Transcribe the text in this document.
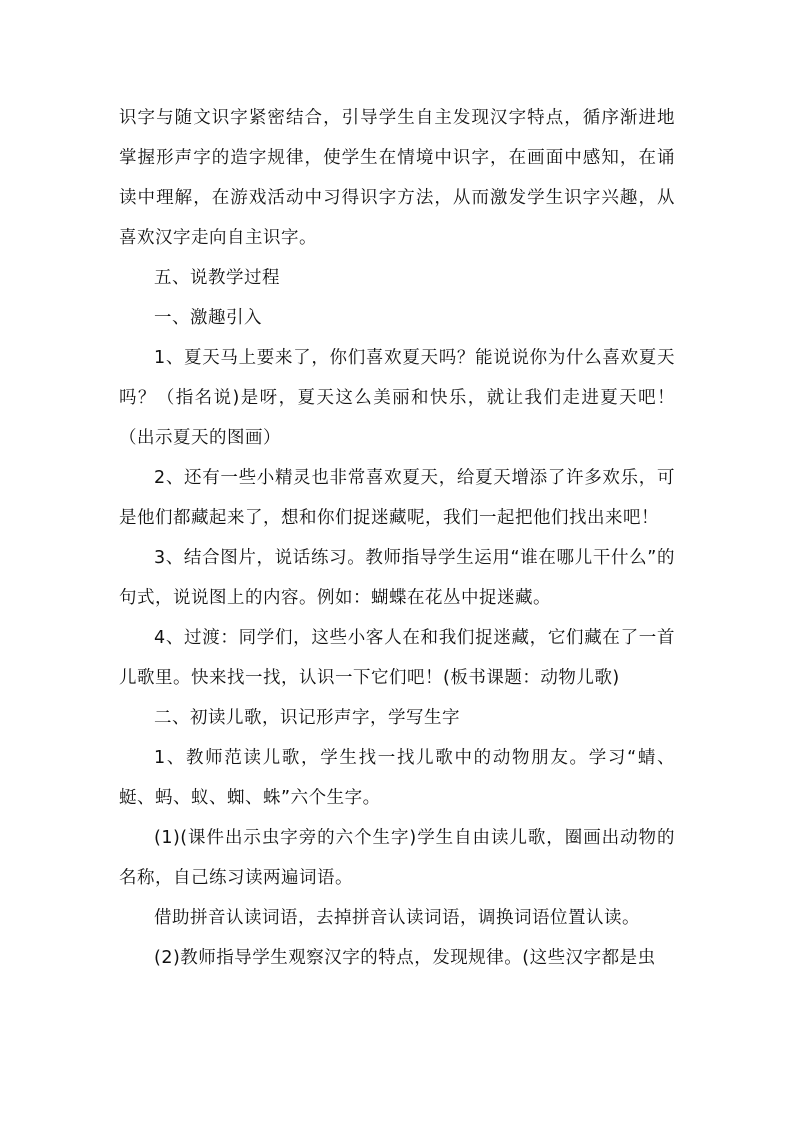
识字与随文识字紧密结合，引导学生自主发现汉字特点，循序渐进地掌握形声字的造字规律，使学生在情境中识字，在画面中感知，在诵读中理解，在游戏活动中习得识字方法，从而激发学生识字兴趣，从喜欢汉字走向自主识字。

五、说教学过程

一、激趣引入

1、夏天马上要来了，你们喜欢夏天吗？能说说你为什么喜欢夏天吗？（指名说)是呀，夏天这么美丽和快乐，就让我们走进夏天吧！（出示夏天的图画）

2、还有一些小精灵也非常喜欢夏天，给夏天增添了许多欢乐，可是他们都藏起来了，想和你们捉迷藏呢，我们一起把他们找出来吧！

3、结合图片，说话练习。教师指导学生运用“谁在哪儿干什么”的句式，说说图上的内容。例如：蝴蝶在花丛中捉迷藏。

4、过渡：同学们，这些小客人在和我们捉迷藏，它们藏在了一首儿歌里。快来找一找，认识一下它们吧！(板书课题：动物儿歌)

二、初读儿歌，识记形声字，学写生字

1、教师范读儿歌，学生找一找儿歌中的动物朋友。学习“蜻、蜓、蚂、蚁、蜘、蛛”六个生字。

(1)(课件出示虫字旁的六个生字)学生自由读儿歌，圈画出动物的名称，自己练习读两遍词语。

借助拼音认读词语，去掉拼音认读词语，调换词语位置认读。

(2)教师指导学生观察汉字的特点，发现规律。(这些汉字都是虫
